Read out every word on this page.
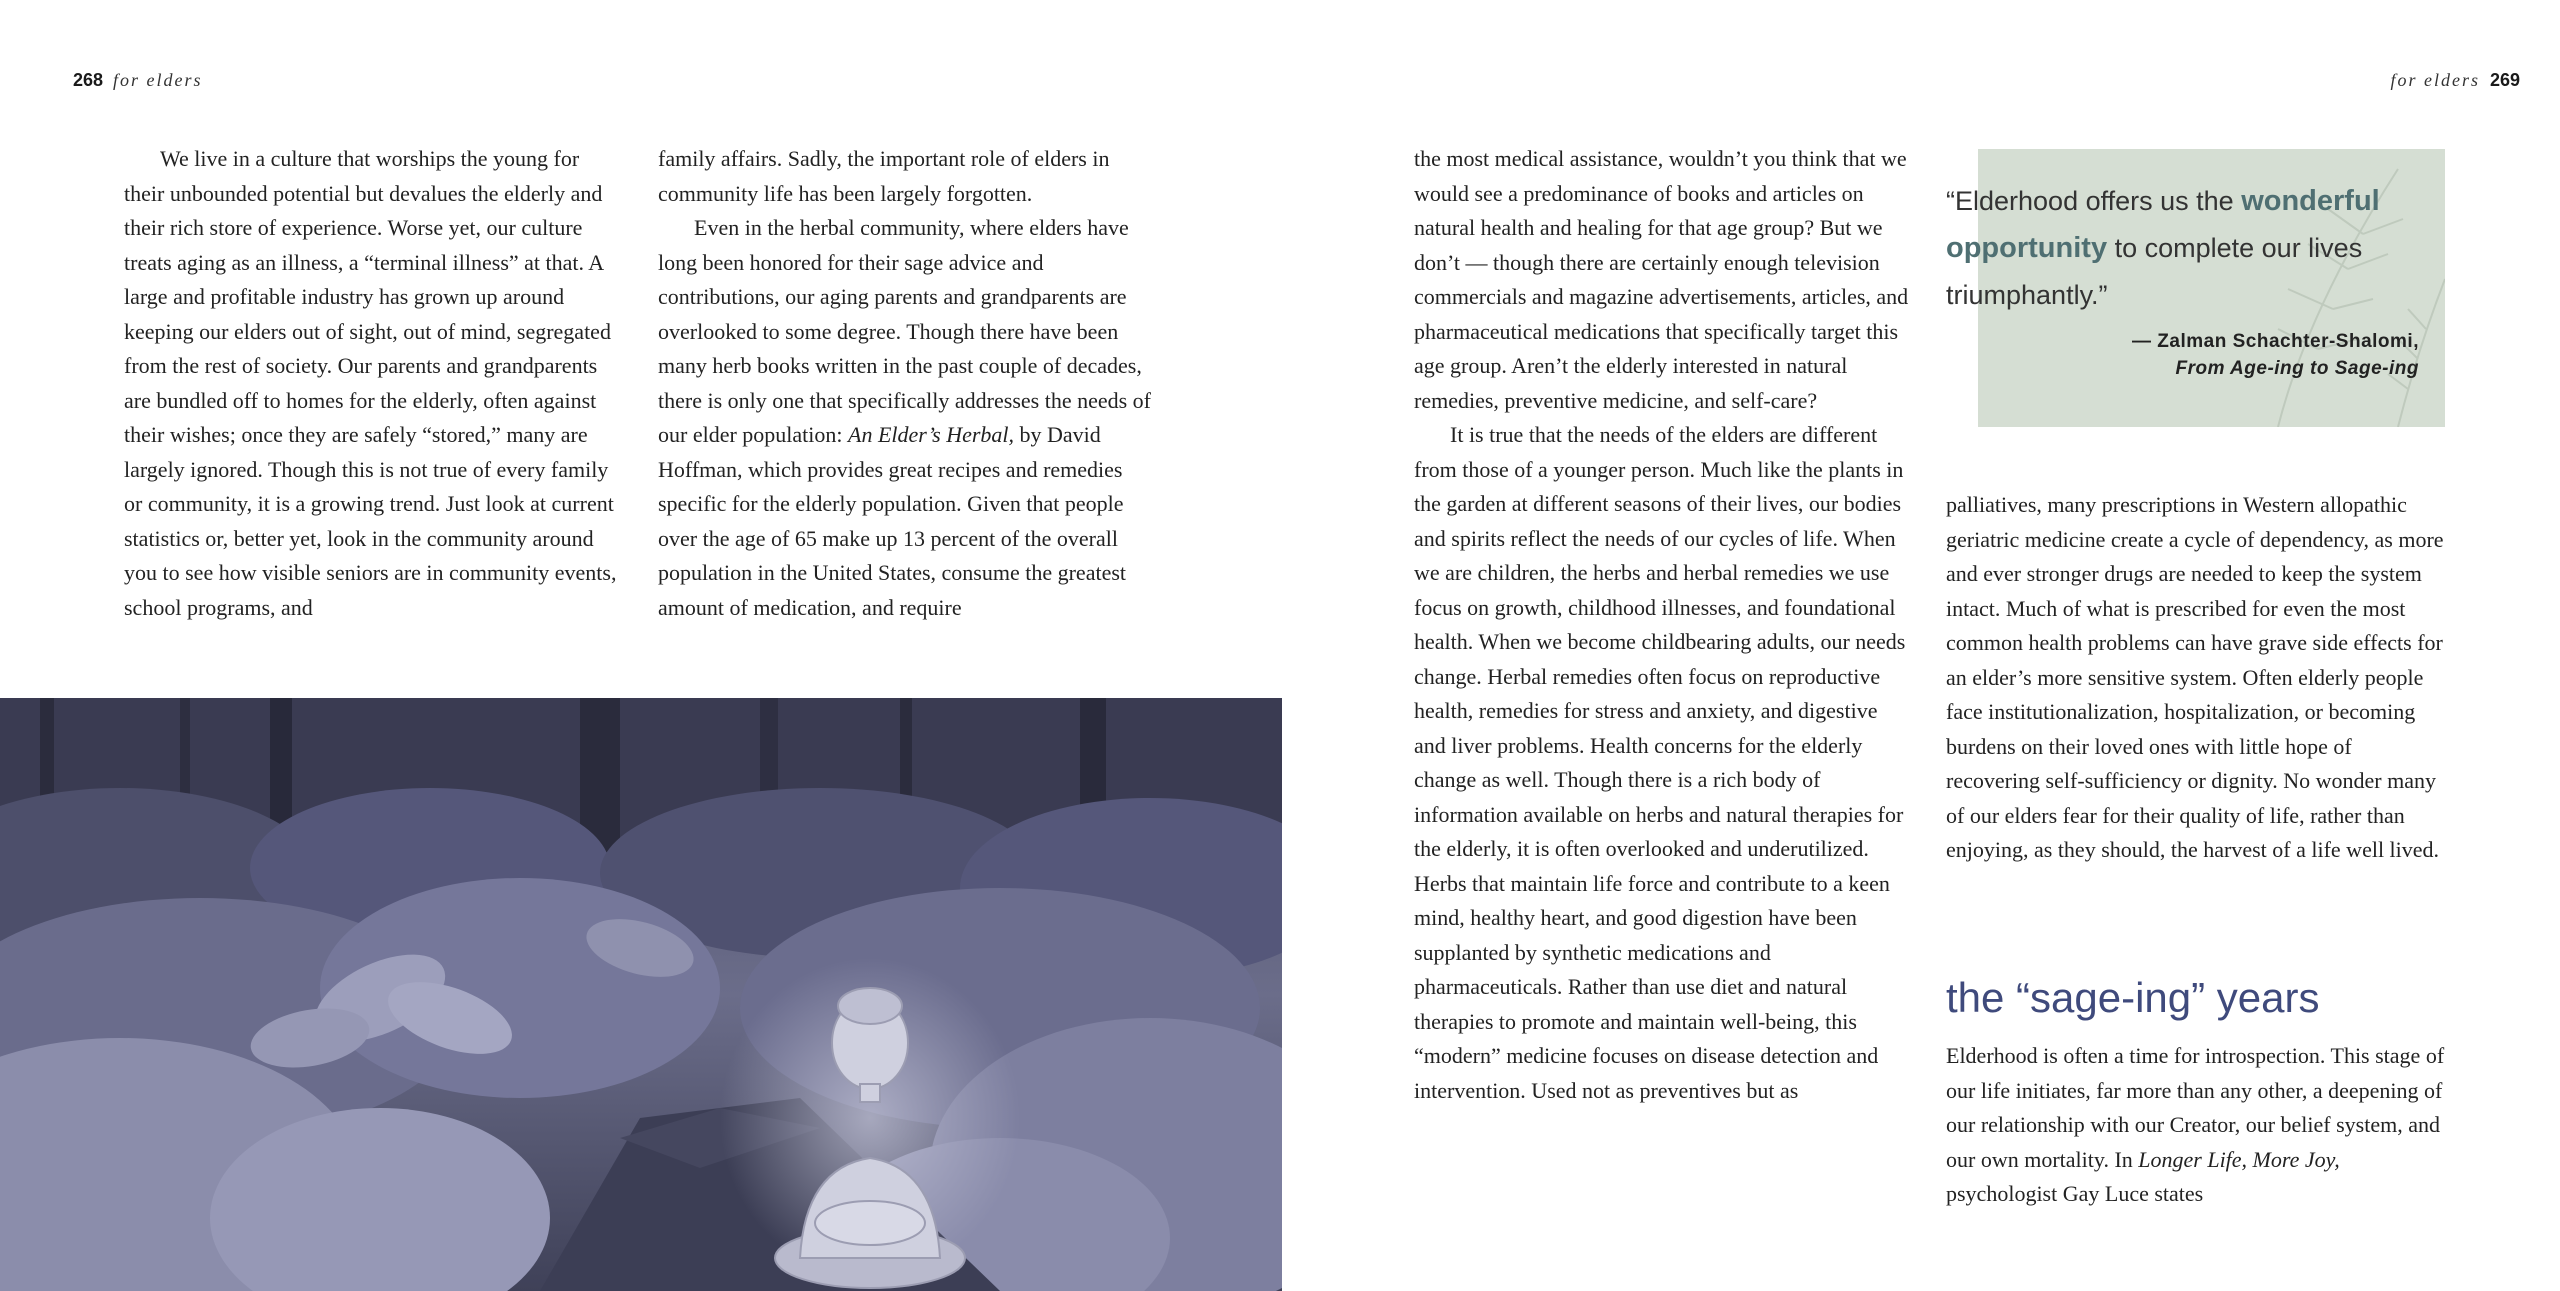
268 for elders

We live in a culture that worships the young for their unbounded potential but devalues the elderly and their rich store of experience. Worse yet, our culture treats aging as an illness, a “terminal illness” at that. A large and profitable industry has grown up around keeping our elders out of sight, out of mind, segregated from the rest of society. Our parents and grandparents are bundled off to homes for the elderly, often against their wishes; once they are safely “stored,” many are largely ignored. Though this is not true of every family or community, it is a growing trend. Just look at current statistics or, better yet, look in the community around you to see how visible seniors are in community events, school programs, and

family affairs. Sadly, the important role of elders in community life has been largely forgotten.

Even in the herbal community, where elders have long been honored for their sage advice and contributions, our aging parents and grandparents are overlooked to some degree. Though there have been many herb books written in the past couple of decades, there is only one that specifically addresses the needs of our elder population: An Elder’s Herbal, by David Hoffman, which provides great recipes and remedies specific for the elderly population. Given that people over the age of 65 make up 13 percent of the overall population in the United States, consume the greatest amount of medication, and require

for elders 269

the most medical assistance, wouldn’t you think that we would see a predominance of books and articles on natural health and healing for that age group? But we don’t — though there are certainly enough television commercials and magazine advertisements, articles, and pharmaceutical medications that specifically target this age group. Aren’t the elderly interested in natural remedies, preventive medicine, and self-care?

It is true that the needs of the elders are different from those of a younger person. Much like the plants in the garden at different seasons of their lives, our bodies and spirits reflect the needs of our cycles of life. When we are children, the herbs and herbal remedies we use focus on growth, childhood illnesses, and foundational health. When we become childbearing adults, our needs change. Herbal remedies often focus on reproductive health, remedies for stress and anxiety, and digestive and liver problems. Health concerns for the elderly change as well. Though there is a rich body of information available on herbs and natural therapies for the elderly, it is often overlooked and underutilized. Herbs that maintain life force and contribute to a keen mind, healthy heart, and good digestion have been supplanted by synthetic medications and pharmaceuticals. Rather than use diet and natural therapies to promote and maintain well-being, this “modern” medicine focuses on disease detection and intervention. Used not as preventives but as

“Elderhood offers us the wonderful
opportunity to complete our lives triumphantly.”
— Zalman Schachter-Shalomi,
From Age-ing to Sage-ing

palliatives, many prescriptions in Western allopathic geriatric medicine create a cycle of dependency, as more and ever stronger drugs are needed to keep the system intact. Much of what is prescribed for even the most common health problems can have grave side effects for an elder’s more sensitive system. Often elderly people face institutionalization, hospitalization, or becoming burdens on their loved ones with little hope of recovering self-sufficiency or dignity. No wonder many of our elders fear for their quality of life, rather than enjoying, as they should, the harvest of a life well lived.

the “sage-ing” years

Elderhood is often a time for introspection. This stage of our life initiates, far more than any other, a deepening of our relationship with our Creator, our belief system, and our own mortality. In Longer Life, More Joy, psychologist Gay Luce states
